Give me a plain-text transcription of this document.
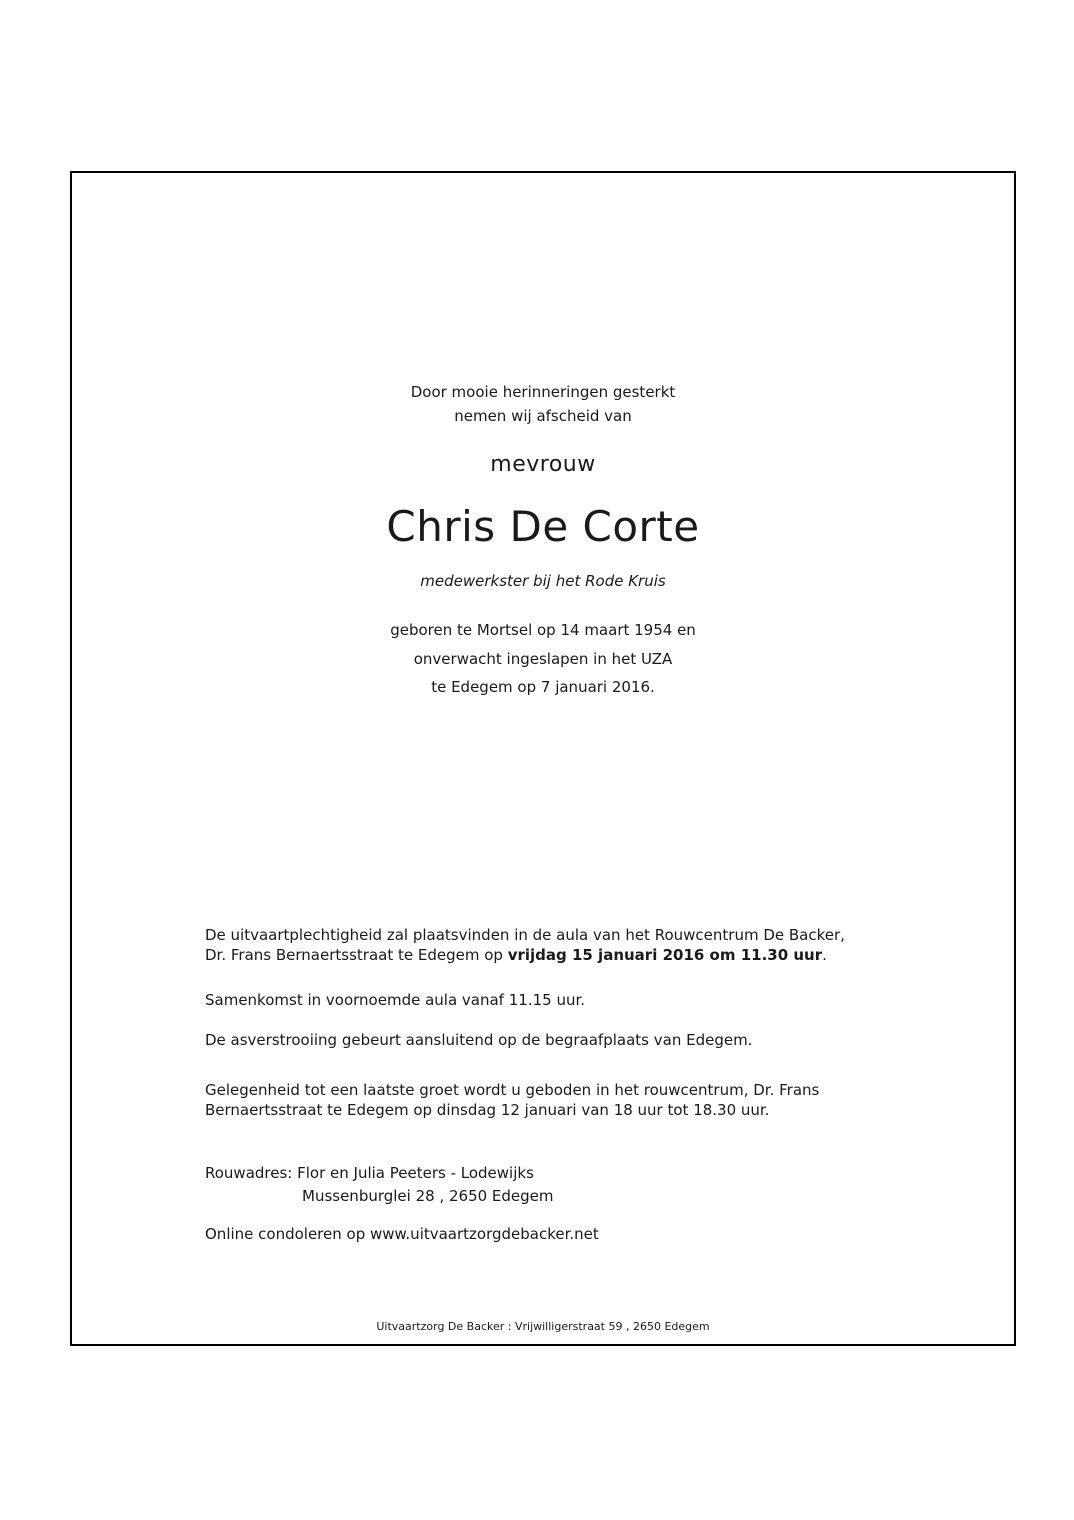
Door mooie herinneringen gesterkt
nemen wij afscheid van
mevrouw
Chris De Corte
medewerkster bij het Rode Kruis
geboren te Mortsel op 14 maart 1954 en
onverwacht ingeslapen in het UZA
te Edegem op 7 januari 2016.
De uitvaartplechtigheid zal plaatsvinden in de aula van het Rouwcentrum De Backer,
Dr. Frans Bernaertsstraat te Edegem op vrijdag 15 januari 2016 om 11.30 uur.
Samenkomst in voornoemde aula vanaf 11.15 uur.
De asverstrooiing gebeurt aansluitend op de begraafplaats van Edegem.
Gelegenheid tot een laatste groet wordt u geboden in het rouwcentrum, Dr. Frans
Bernaertsstraat te Edegem op dinsdag 12 januari van 18 uur tot 18.30 uur.
Rouwadres: Flor en Julia Peeters - Lodewijks
Mussenburglei 28 , 2650 Edegem
Online condoleren op www.uitvaartzorgdebacker.net
Uitvaartzorg De Backer : Vrijwilligerstraat 59 , 2650 Edegem
